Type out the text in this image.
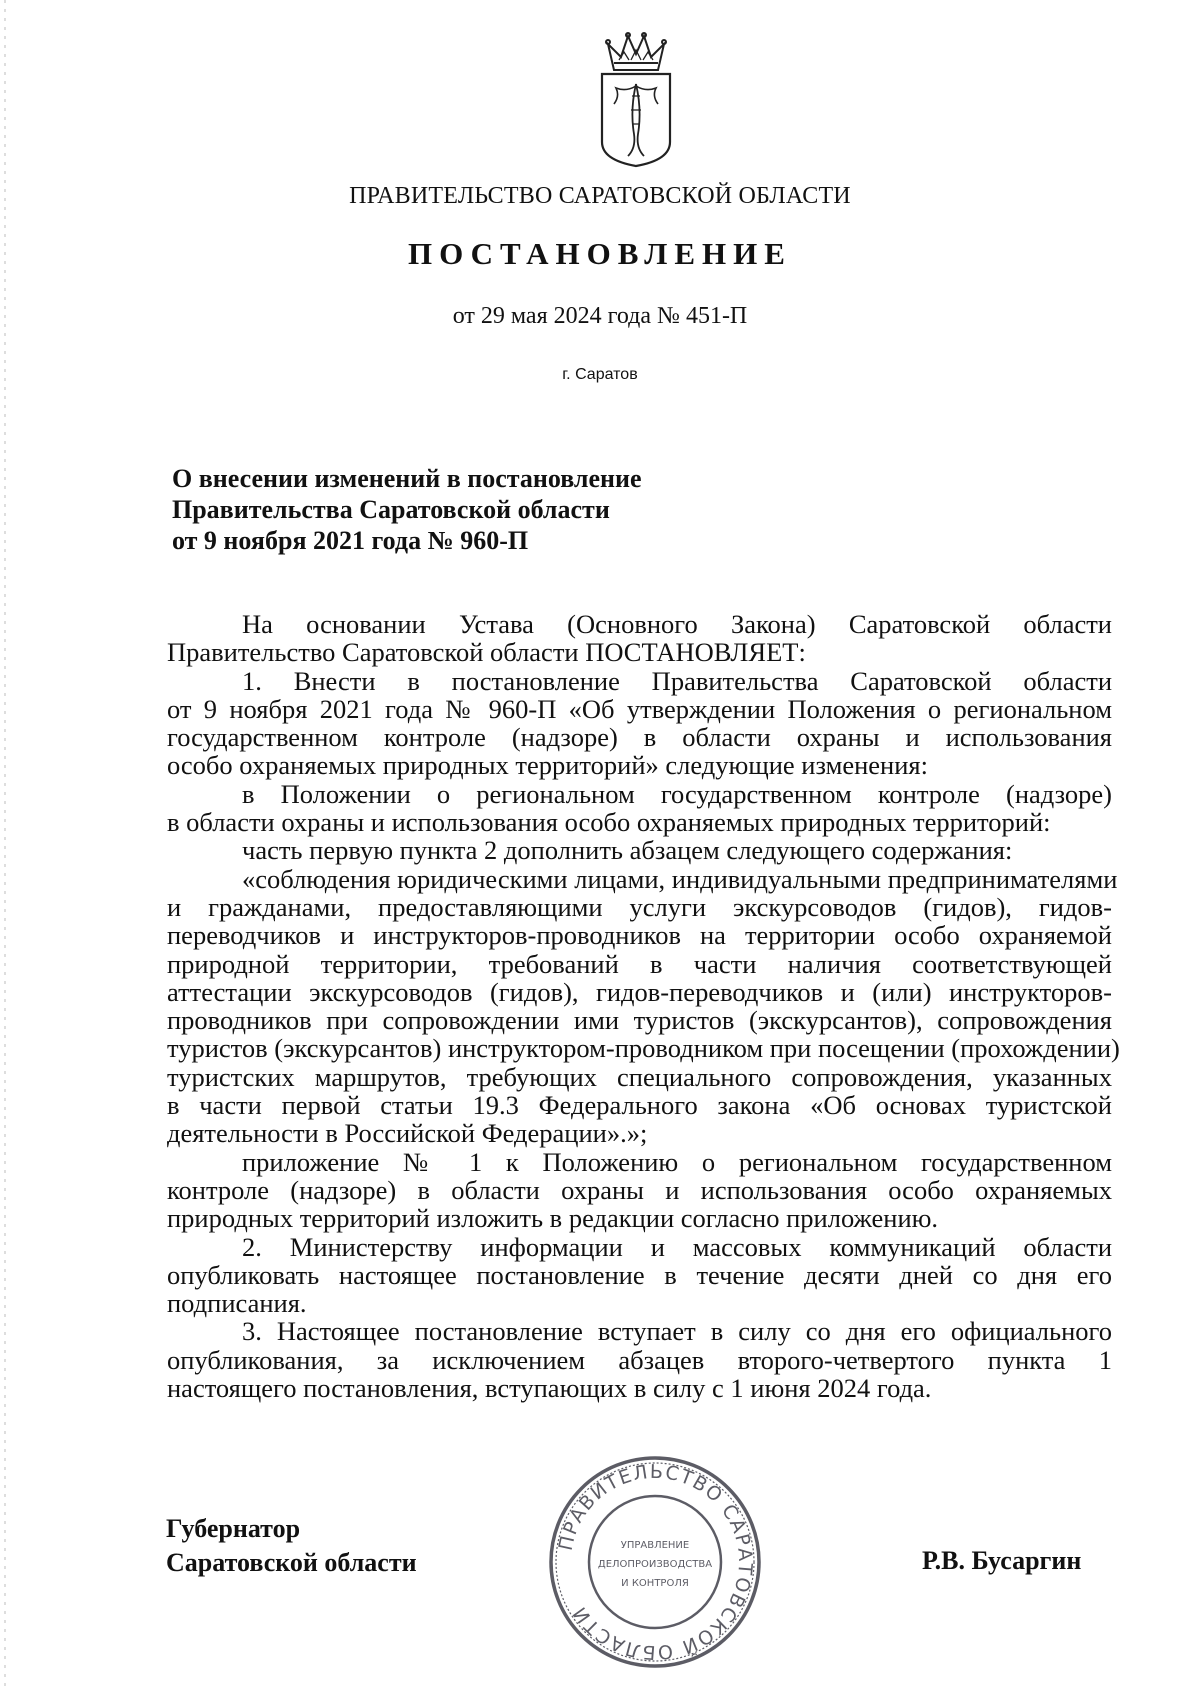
ПРАВИТЕЛЬСТВО САРАТОВСКОЙ ОБЛАСТИ
ПОСТАНОВЛЕНИЕ
от 29 мая 2024 года № 451-П
г. Саратов
О внесении изменений в постановление
Правительства Саратовской области
от 9 ноября 2021 года № 960-П
На основании Устава (Основного Закона) Саратовской области
Правительство Саратовской области ПОСТАНОВЛЯЕТ:
1. Внести в постановление Правительства Саратовской области
от 9 ноября 2021 года № 960-П «Об утверждении Положения о региональном
государственном контроле (надзоре) в области охраны и использования
особо охраняемых природных территорий» следующие изменения:
в Положении о региональном государственном контроле (надзоре)
в области охраны и использования особо охраняемых природных территорий:
часть первую пункта 2 дополнить абзацем следующего содержания:
«соблюдения юридическими лицами, индивидуальными предпринимателями
и гражданами, предоставляющими услуги экскурсоводов (гидов), гидов-
переводчиков и инструкторов-проводников на территории особо охраняемой
природной территории, требований в части наличия соответствующей
аттестации экскурсоводов (гидов), гидов-переводчиков и (или) инструкторов-
проводников при сопровождении ими туристов (экскурсантов), сопровождения
туристов (экскурсантов) инструктором-проводником при посещении (прохождении)
туристских маршрутов, требующих специального сопровождения, указанных
в части первой статьи 19.3 Федерального закона «Об основах туристской
деятельности в Российской Федерации».»;
приложение № 1 к Положению о региональном государственном
контроле (надзоре) в области охраны и использования особо охраняемых
природных территорий изложить в редакции согласно приложению.
2. Министерству информации и массовых коммуникаций области
опубликовать настоящее постановление в течение десяти дней со дня его
подписания.
3. Настоящее постановление вступает в силу со дня его официального
опубликования, за исключением абзацев второго-четвертого пункта 1
настоящего постановления, вступающих в силу с 1 июня 2024 года.
Губернатор
Саратовской области	Р.В. Бусаргин
ПРАВИТЕЛЬСТВО САРАТОВСКОЙ ОБЛАСТИ
УПРАВЛЕНИЕ
ДЕЛОПРОИЗВОДСТВА
И КОНТРОЛЯ
